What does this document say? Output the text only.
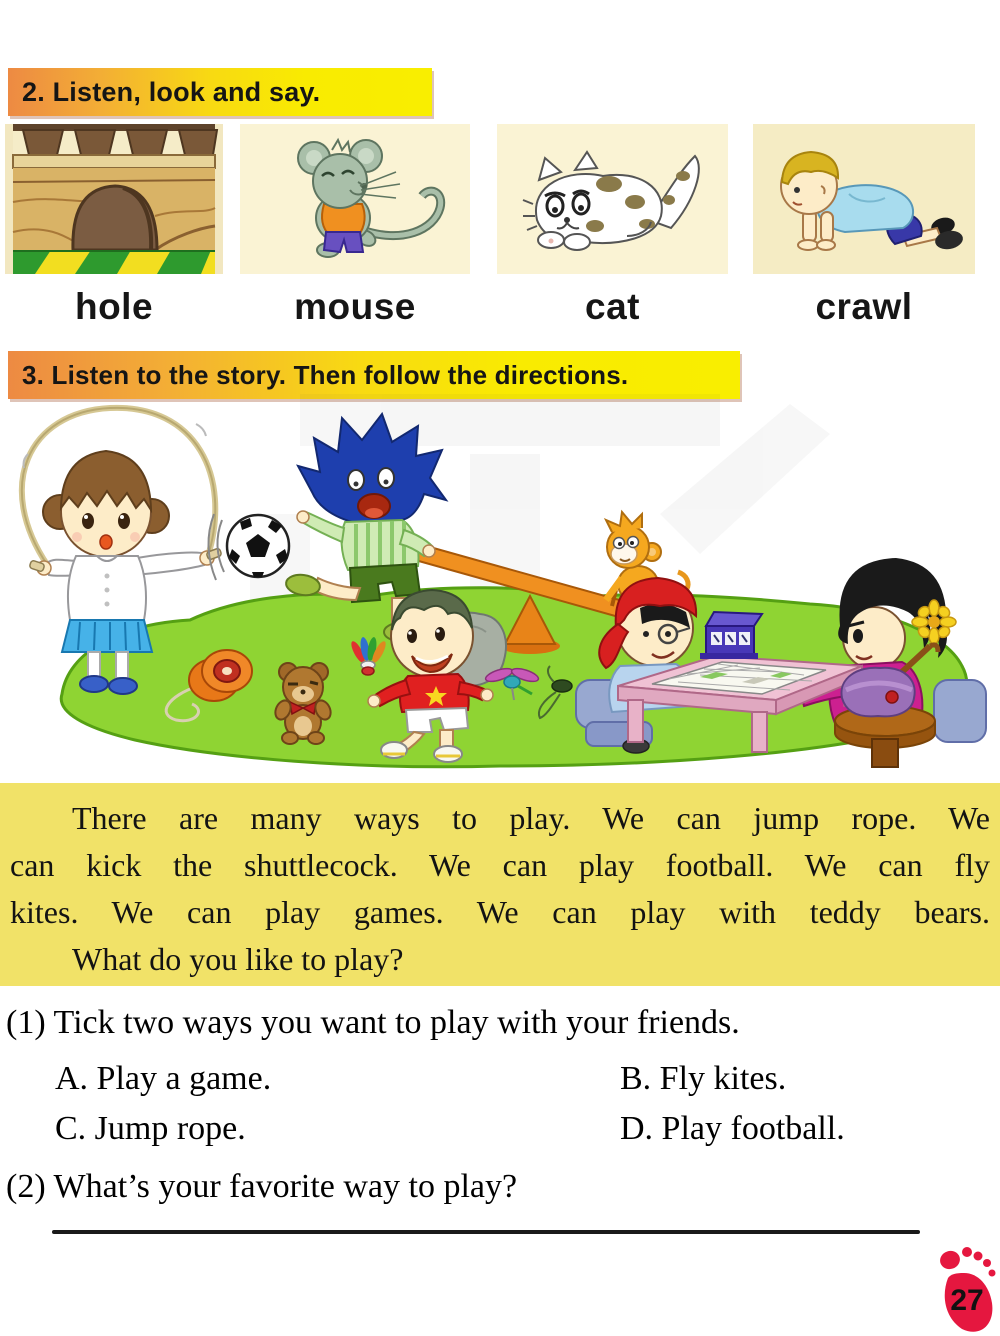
2. Listen, look and say.
hole	mouse	cat	crawl
3. Listen to the story. Then follow the directions.
There are many ways to play. We can jump rope. We
can kick the shuttlecock. We can play football. We can fly
kites. We can play games. We can play with teddy bears.
What do you like to play?
(1) Tick two ways you want to play with your friends.
A. Play a game.	B. Fly kites.
C. Jump rope.	D. Play football.
(2) What’s your favorite way to play?
27
